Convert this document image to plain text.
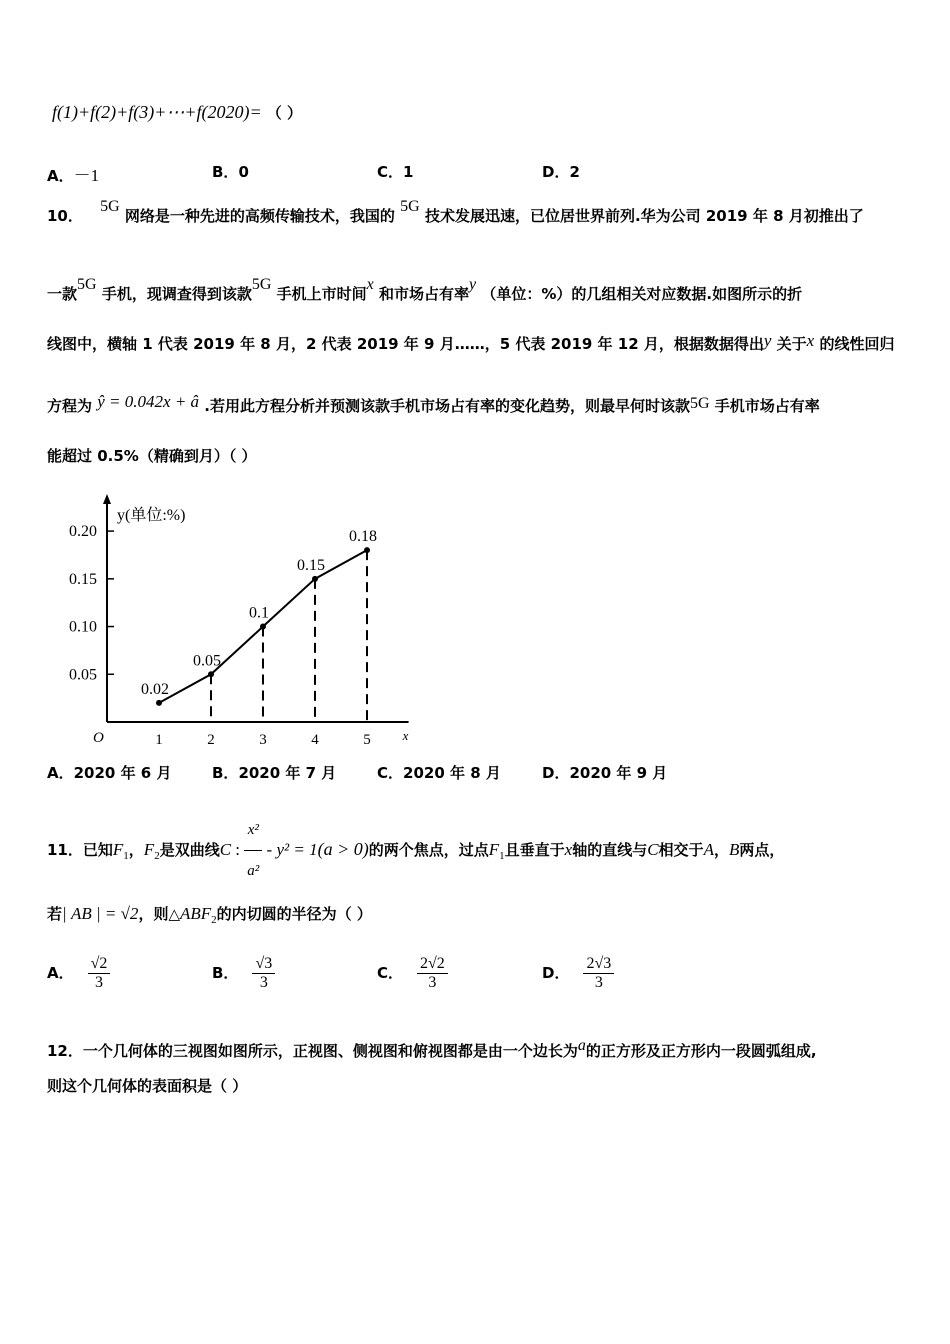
f(1)+f(2)+f(3)+⋯+f(2020)= （ ）
A．－1	B．0	C．1	D．2
10． 5G 网络是一种先进的高频传输技术，我国的 5G 技术发展迅速，已位居世界前列.华为公司 2019 年 8 月初推出了
一款5G 手机，现调查得到该款5G 手机上市时间x 和市场占有率y （单位：%）的几组相关对应数据.如图所示的折
线图中，横轴 1 代表 2019 年 8 月，2 代表 2019 年 9 月……，5 代表 2019 年 12 月，根据数据得出y 关于x 的线性回归
方程为 ŷ = 0.042x + â .若用此方程分析并预测该款手机市场占有率的变化趋势，则最早何时该款5G 手机市场占有率
能超过 0.5%（精确到月）（ ）
y(单位:%)
x
O
0.05
0.10
0.15
0.20
1	2	3	4	5
0.02
0.05
0.1
0.15
0.18
A．2020 年 6 月	B．2020 年 7 月	C．2020 年 8 月	D．2020 年 9 月
11．已知$F_1$，$F_2$是双曲线C : $\frac{\text{x²}}{\text{a²}} - y^2 = 1(a > 0)$的两个焦点，过点$F_1$且垂直于x轴的直线与C相交于A，B两点，
若| AB | = √2，则$\triangle ABF_2$的内切圆的半径为（ ）
A． $\frac{√2}{3}$	B． $\frac{√3}{3}$	C． $\frac{2√2}{3}$	D． $\frac{2√3}{3}$
12．一个几何体的三视图如图所示，正视图、侧视图和俯视图都是由一个边长为a的正方形及正方形内一段圆弧组成,
则这个几何体的表面积是（ ）
